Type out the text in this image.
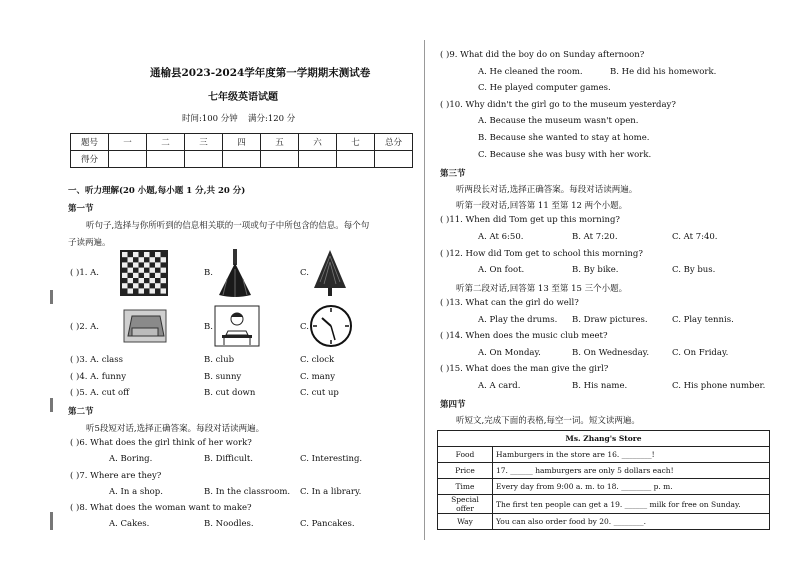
通榆县2023-2024学年度第一学期期末测试卷
七年级英语试题
时间:100 分钟 满分:120 分
题号	一	二	三	四	五	六	七	总分
得分								
一、听力理解(20 小题,每小题 1 分,共 20 分)
第一节
听句子,选择与你所听到的信息相关联的一项或句子中所包含的信息。每个句
子读两遍。
( )1. A.	B.	C.
( )2. A.	B.	C.
( )3. A. class	B. club	C. clock
( )4. A. funny	B. sunny	C. many
( )5. A. cut off	B. cut down	C. cut up
第二节
听5段短对话,选择正确答案。每段对话读两遍。
( )6. What does the girl think of her work?
A. Boring.	B. Difficult.	C. Interesting.
( )7. Where are they?
A. In a shop.	B. In the classroom. C. In a library.
( )8. What does the woman want to make?
A. Cakes.	B. Noodles.	C. Pancakes.
( )9. What did the boy do on Sunday afternoon?
A. He cleaned the room.	B. He did his homework.
C. He played computer games.
( )10. Why didn't the girl go to the museum yesterday?
A. Because the museum wasn't open.
B. Because she wanted to stay at home.
C. Because she was busy with her work.
第三节
听两段长对话,选择正确答案。每段对话读两遍。
听第一段对话,回答第 11 至第 12 两个小题。
( )11. When did Tom get up this morning?
A. At 6:50.	B. At 7:20.	C. At 7:40.
( )12. How did Tom get to school this morning?
A. On foot.	B. By bike.	C. By bus.
听第二段对话,回答第 13 至第 15 三个小题。
( )13. What can the girl do well?
A. Play the drums. B. Draw pictures.	C. Play tennis.
( )14. When does the music club meet?
A. On Monday.	B. On Wednesday.	C. On Friday.
( )15. What does the man give the girl?
A. A card.	B. His name.	C. His phone number.
第四节
听短文,完成下面的表格,每空一词。短文读两遍。
Ms. Zhang's Store	
Food	Hamburgers in the store are 16. ________!
Price	17. ______ hamburgers are only 5 dollars each!
Time	Every day from 9:00 a. m. to 18. ________ p. m.
Special offer	The first ten people can get a 19. ______ milk for free on Sunday.
Way	You can also order food by 20. ________.
